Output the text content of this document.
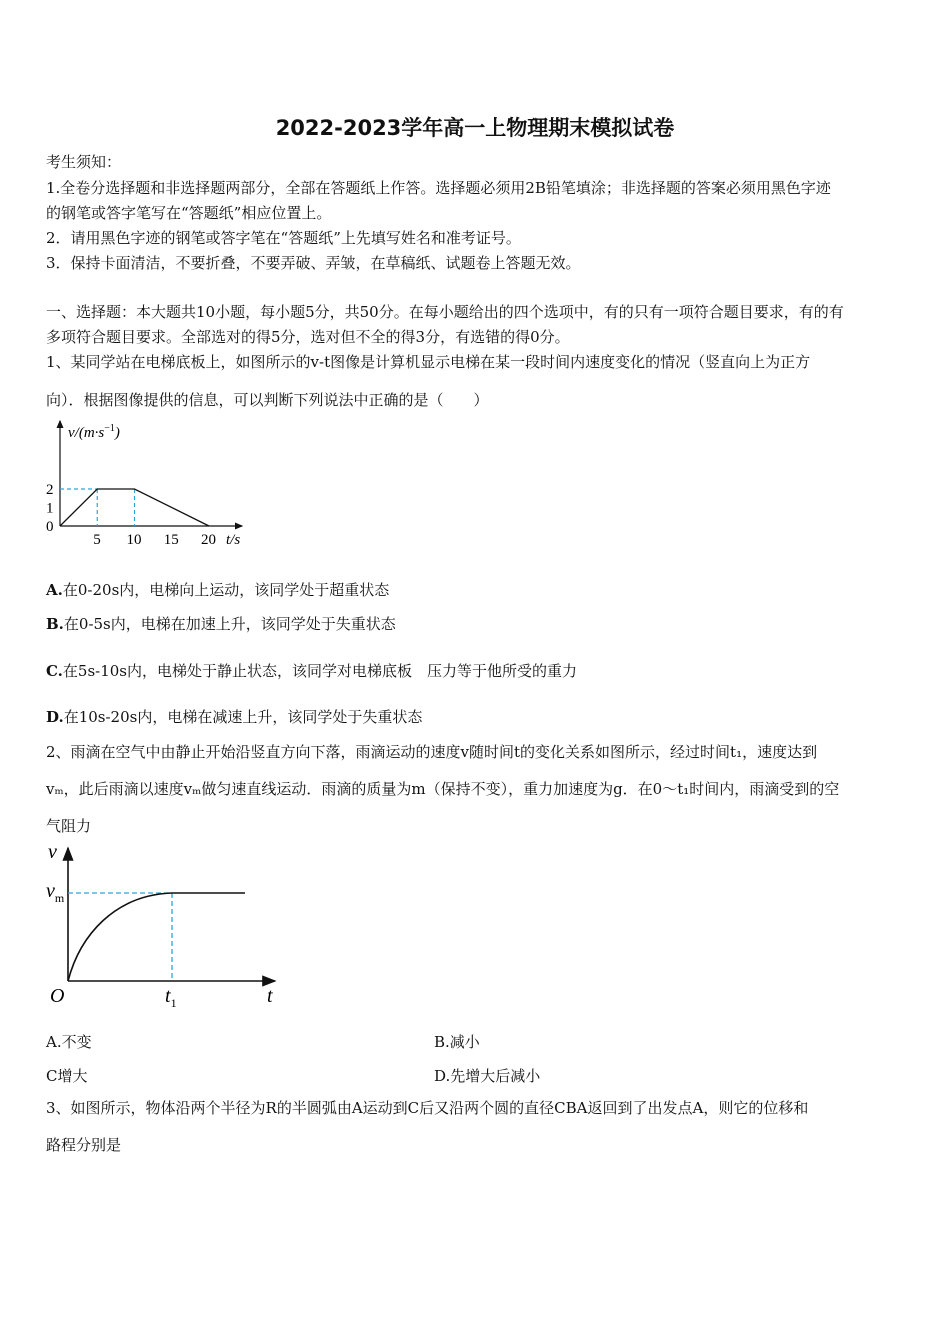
2022-2023学年高一上物理期末模拟试卷
考生须知：
1.全卷分选择题和非选择题两部分，全部在答题纸上作答。选择题必须用2B铅笔填涂；非选择题的答案必须用黑色字迹
的钢笔或答字笔写在“答题纸”相应位置上。
2．请用黑色字迹的钢笔或答字笔在“答题纸”上先填写姓名和准考证号。
3．保持卡面清洁，不要折叠，不要弄破、弄皱，在草稿纸、试题卷上答题无效。
一、选择题：本大题共10小题，每小题5分，共50分。在每小题给出的四个选项中，有的只有一项符合题目要求，有的有
多项符合题目要求。全部选对的得5分，选对但不全的得3分，有选错的得0分。
1、某同学站在电梯底板上，如图所示的v-t图像是计算机显示电梯在某一段时间内速度变化的情况（竖直向上为正方
向）．根据图像提供的信息，可以判断下列说法中正确的是（　　）
2
1
0
5 10 15 20
$v/(m\cdot s^{-1})$
t/s
A.在0-20s内，电梯向上运动，该同学处于超重状态
B.在0-5s内，电梯在加速上升，该同学处于失重状态
C.在5s-10s内，电梯处于静止状态，该同学对电梯底板　压力等于他所受的重力
D.在10s-20s内，电梯在减速上升，该同学处于失重状态
2、雨滴在空气中由静止开始沿竖直方向下落，雨滴运动的速度v随时间t的变化关系如图所示，经过时间t₁，速度达到
vₘ，此后雨滴以速度vₘ做匀速直线运动．雨滴的质量为m（保持不变），重力加速度为g．在0～t₁时间内，雨滴受到的空
气阻力
v
$v_m$
O	$t_1$	t
A.不变	B.减小
C增大	D.先增大后减小
3、如图所示，物体沿两个半径为R的半圆弧由A运动到C后又沿两个圆的直径CBA返回到了出发点A，则它的位移和
路程分别是
